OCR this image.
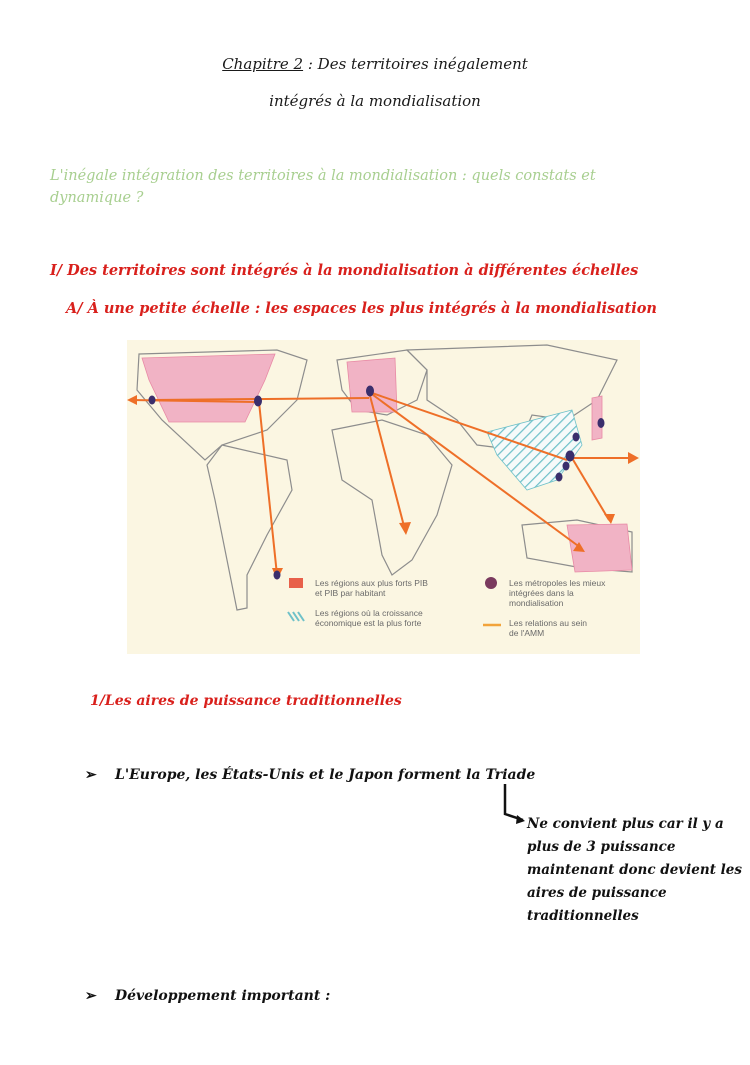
Chapitre 2 : Des territoires inégalement
intégrés à la mondialisation
L'inégale intégration des territoires à la mondialisation : quels constats et dynamique ?
I/ Des territoires sont intégrés à la mondialisation à différentes échelles
A/ À une petite échelle : les espaces les plus intégrés à la mondialisation
Les régions aux plus forts PIB
et PIB par habitant
Les régions où la croissance
économique est la plus forte
Les métropoles les mieux
intégrées dans la
mondialisation
Les relations au sein
de l'AMM
1/Les aires de puissance traditionnelles
➢ L'Europe, les États-Unis et le Japon forment la Triade
Ne convient plus car il y a plus de 3 puissance maintenant donc devient les aires de puissance traditionnelles
➢ Développement important :
